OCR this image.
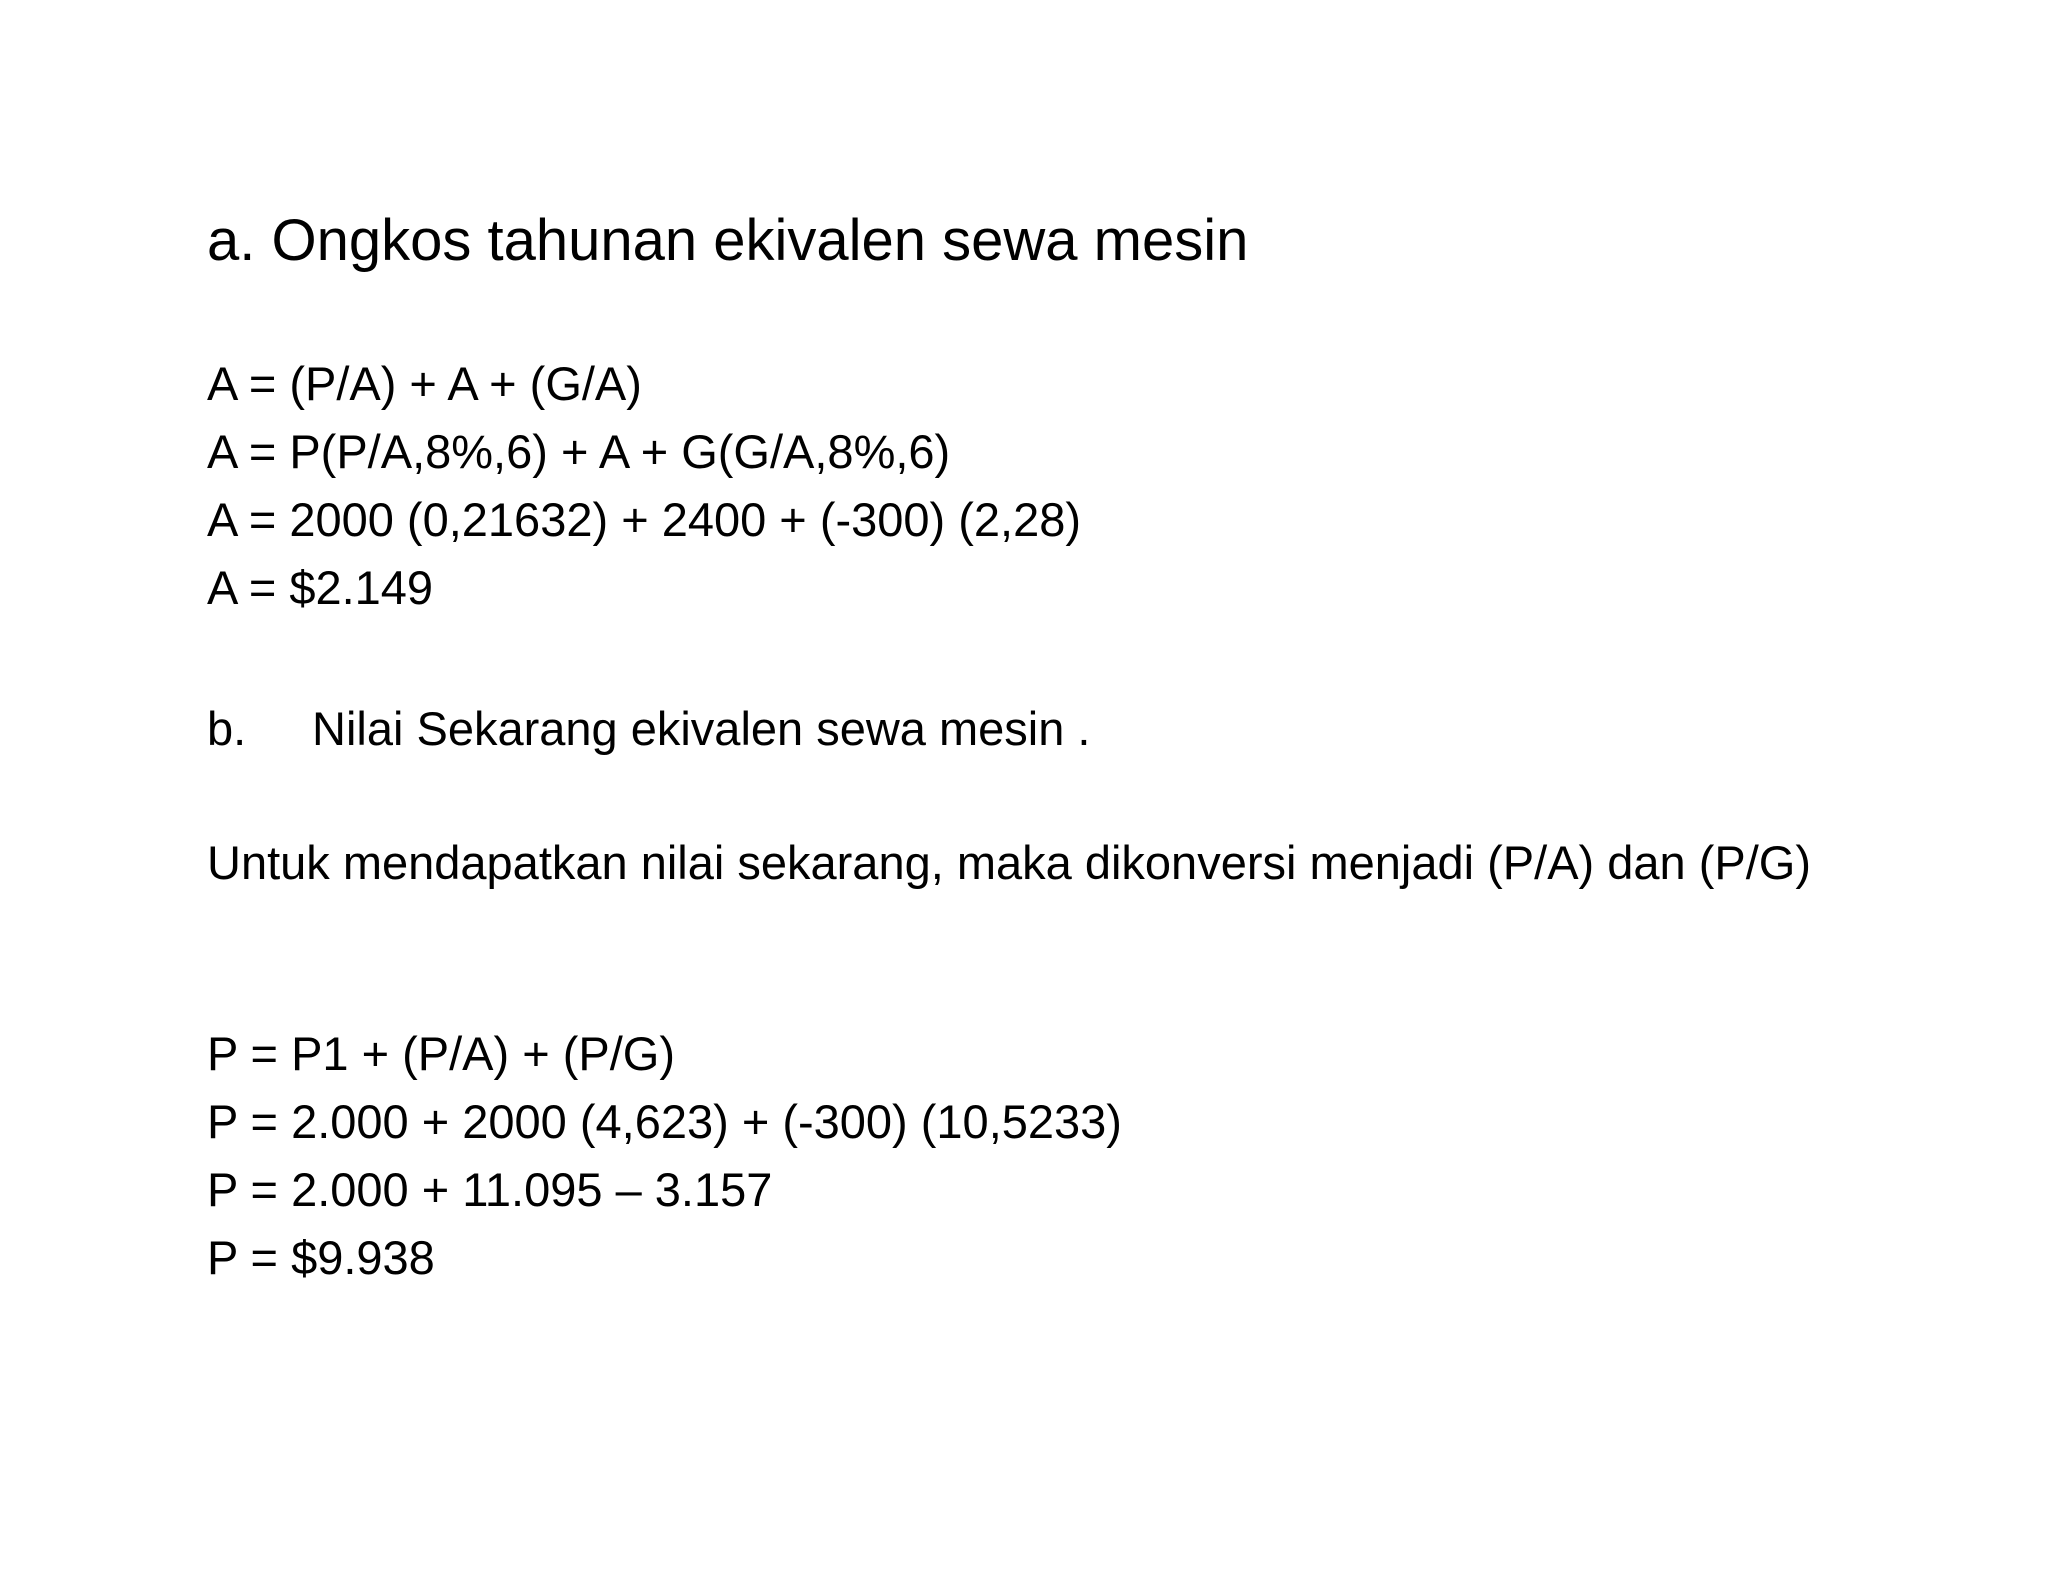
a. Ongkos tahunan ekivalen sewa mesin
A = (P/A) + A + (G/A)
A = P(P/A,8%,6) + A + G(G/A,8%,6)
A = 2000 (0,21632) + 2400 + (-300) (2,28)
A = $2.149
b. Nilai Sekarang ekivalen sewa mesin .
Untuk mendapatkan nilai sekarang, maka dikonversi menjadi (P/A) dan (P/G)
P = P1 + (P/A) + (P/G)
P = 2.000 + 2000 (4,623) + (-300) (10,5233)
P = 2.000 + 11.095 – 3.157
P = $9.938
